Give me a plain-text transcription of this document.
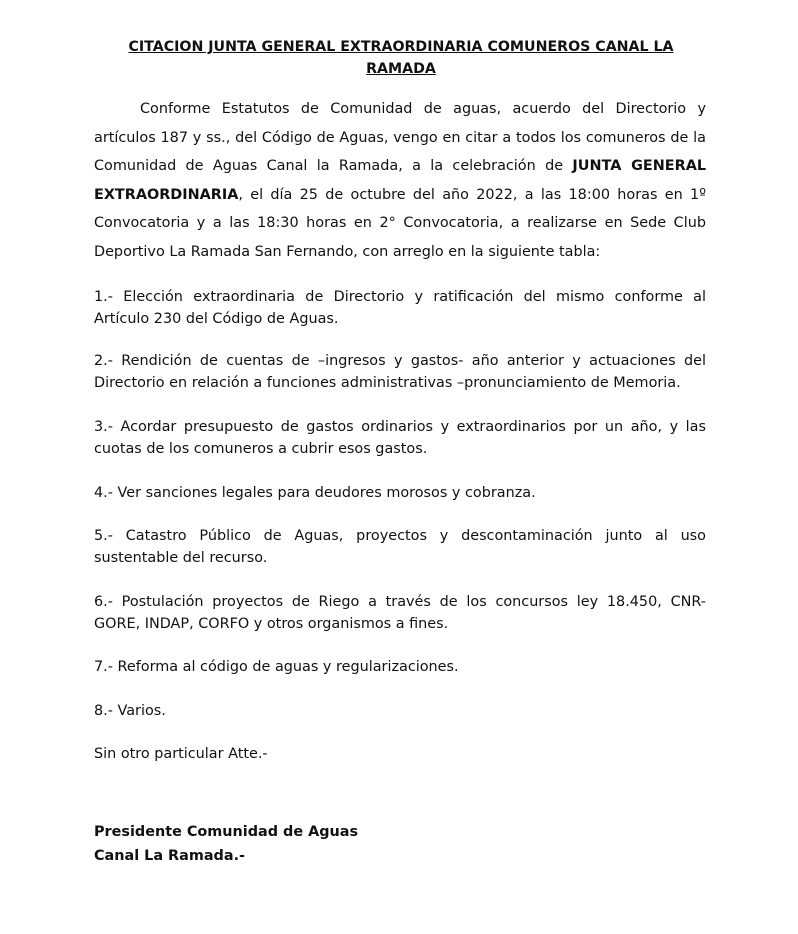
CITACION JUNTA GENERAL EXTRAORDINARIA COMUNEROS CANAL LA
RAMADA

Conforme Estatutos de Comunidad de aguas, acuerdo del Directorio y artículos 187 y ss., del Código de Aguas, vengo en citar a todos los comuneros de la Comunidad de Aguas Canal la Ramada, a la celebración de JUNTA GENERAL EXTRAORDINARIA, el día 25 de octubre del año 2022, a las 18:00 horas en 1º Convocatoria y a las 18:30 horas en 2° Convocatoria, a realizarse en Sede Club Deportivo La Ramada San Fernando, con arreglo en la siguiente tabla:

1.- Elección extraordinaria de Directorio y ratificación del mismo conforme al Artículo 230 del Código de Aguas.

2.- Rendición de cuentas de –ingresos y gastos- año anterior y actuaciones del Directorio en relación a funciones administrativas –pronunciamiento de Memoria.

3.- Acordar presupuesto de gastos ordinarios y extraordinarios por un año, y las cuotas de los comuneros a cubrir esos gastos.

4.- Ver sanciones legales para deudores morosos y cobranza.

5.- Catastro Público de Aguas, proyectos y descontaminación junto al uso sustentable del recurso.

6.- Postulación proyectos de Riego a través de los concursos ley 18.450, CNR- GORE, INDAP, CORFO y otros organismos a fines.

7.- Reforma al código de aguas y regularizaciones.

8.- Varios.

Sin otro particular Atte.-

Presidente Comunidad de Aguas
Canal La Ramada.-
